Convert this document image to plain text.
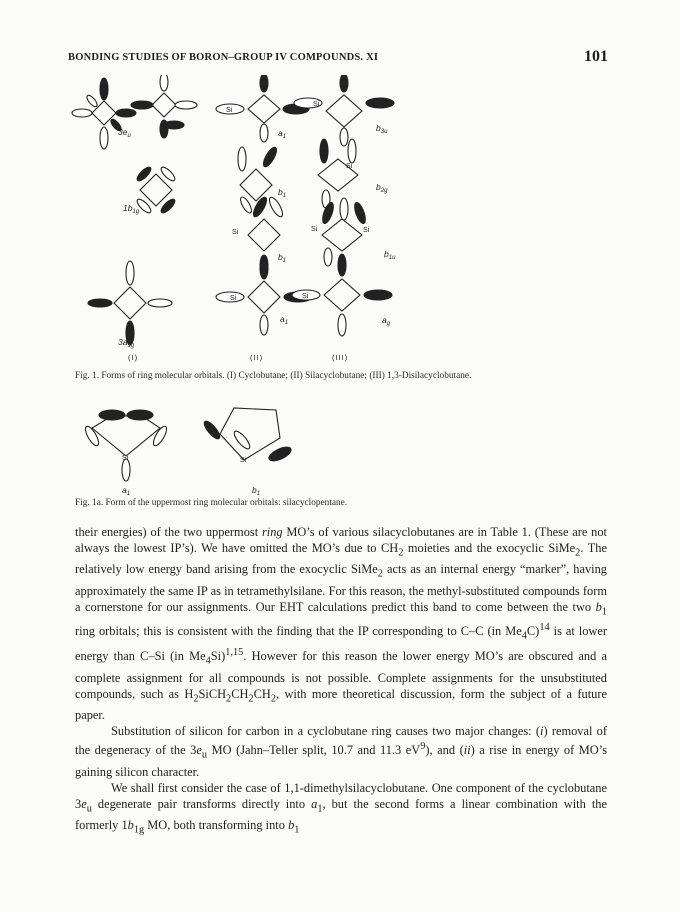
BONDING STUDIES OF BORON–GROUP IV COMPOUNDS. XI	101
Si
Si
Si
Si	Si
Si
Si	Si
Si	Si
$3e_u$
$1b_{1g}$
$3a_{1g}$
$a_1$
$b_1$
$b_1$
$a_1$
$b_{3u}$
$b_{2g}$
$b_{1u}$
$a_g$
(I)	(II)	(III)
Fig. 1. Forms of ring molecular orbitals. (I) Cyclobutane; (II) Silacyclobutane; (III) 1,3-Disilacyclobutane.
Si	Si
$a_1$	$b_1$
Fig. 1a. Form of the uppermost ring molecular orbitals: silacyclopentane.

their energies) of the two uppermost ring MO’s of various silacyclobutanes are in Table 1. (These are not always the lowest IP’s). We have omitted the MO’s due to $CH_2$ moieties and the exocyclic SiMe$_2$. The relatively low energy band arising from the exocyclic SiMe$_2$ acts as an internal energy “marker”, having approximately the same IP as in tetramethylsilane. For this reason, the methyl-substituted compounds form a cornerstone for our assignments. Our EHT calculations predict this band to come between the two $b_1$ ring orbitals; this is consistent with the finding that the IP corresponding to C–C (in $Me_4C)^{14}$ is at lower energy than C–Si (in $Me_4Si)^{1,15}$. However for this reason the lower energy MO’s are obscured and a complete assignment for all compounds is not possible. Complete assignments for the unsubstituted compounds, such as $H_2SiCH_2CH_2CH_2$, with more theoretical discussion, form the subject of a future paper.

Substitution of silicon for carbon in a cyclobutane ring causes two major changes: (i) removal of the degeneracy of the $3e_u$ MO (Jahn–Teller split, 10.7 and 11.3 $eV^9$), and (ii) a rise in energy of MO’s gaining silicon character.

We shall first consider the case of 1,1-dimethylsilacyclobutane. One component of the cyclobutane $3e_u$ degenerate pair transforms directly into $a_1$, but the second forms a linear combination with the formerly $1b_{1g}$ MO, both transforming into $b_1$
